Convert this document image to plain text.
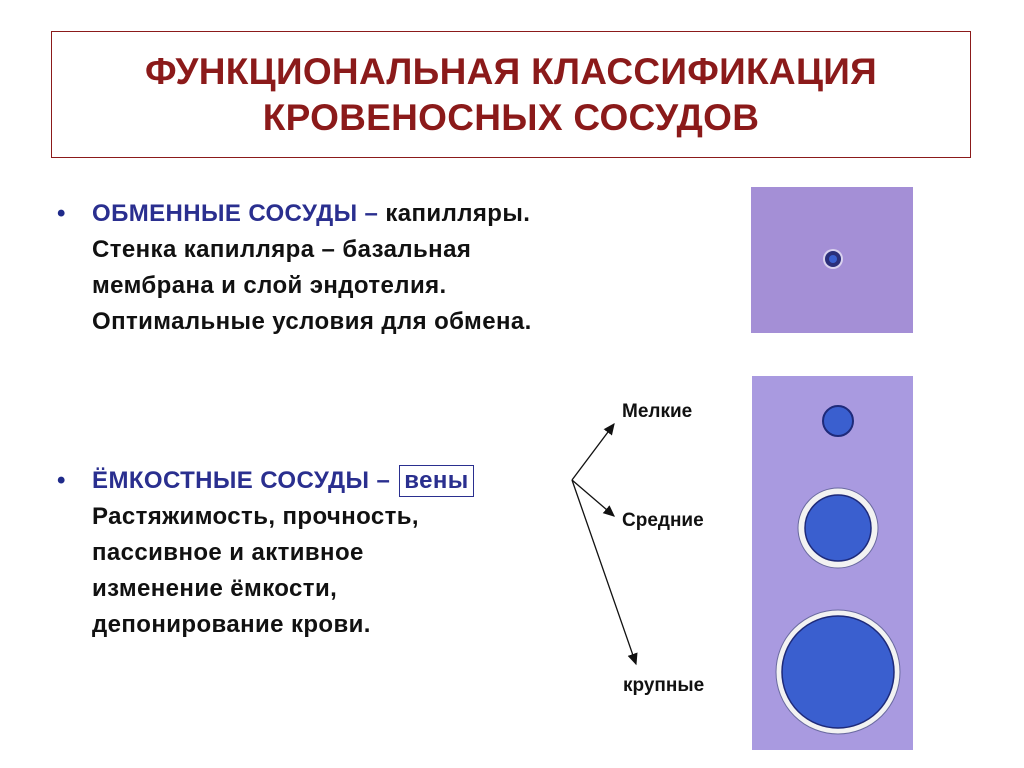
ФУНКЦИОНАЛЬНАЯ КЛАССИФИКАЦИЯ
КРОВЕНОСНЫХ СОСУДОВ
• ОБМЕННЫЕ СОСУДЫ – капилляры.
Стенка капилляра – базальная
мембрана и слой эндотелия.
Оптимальные условия для обмена.
• ЁМКОСТНЫЕ СОСУДЫ – вены
Растяжимость, прочность,
пассивное и активное
изменение ёмкости,
депонирование крови.
Мелкие
Средние
крупные
